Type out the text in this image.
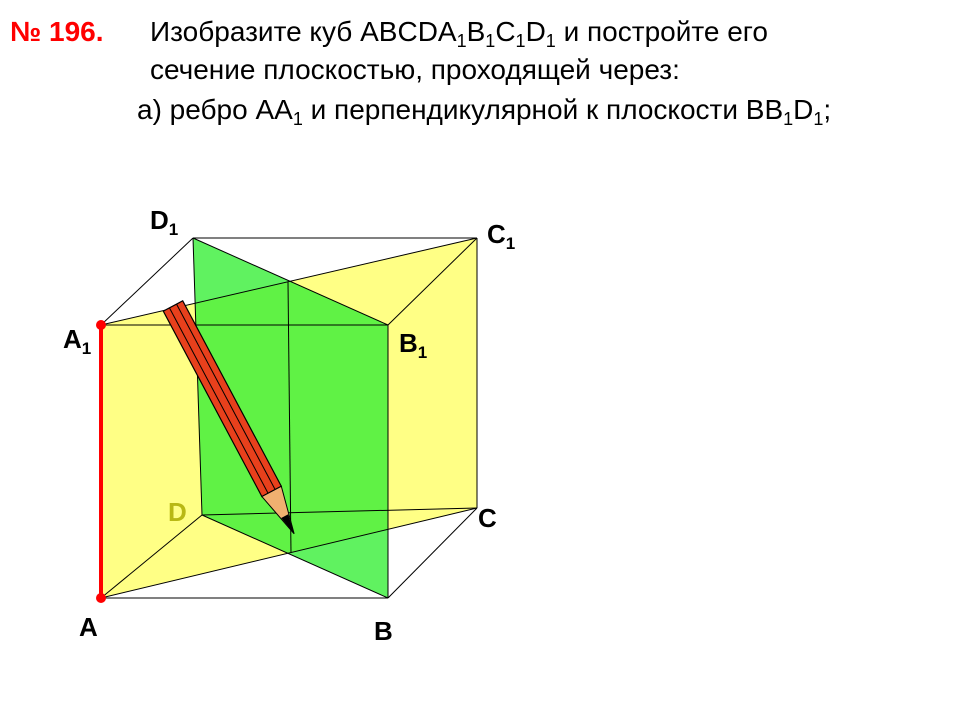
№ 196. Изобразите куб $ABCDA_1B_1C_1D_1$ и постройте его
сечение плоскостью, проходящей через:
а) ребро $AA_1$ и перпендикулярной к плоскости $BB_1D_1$;
$D_1$	$C_1$
$A_1$	$B_1$
D	C
A	B
